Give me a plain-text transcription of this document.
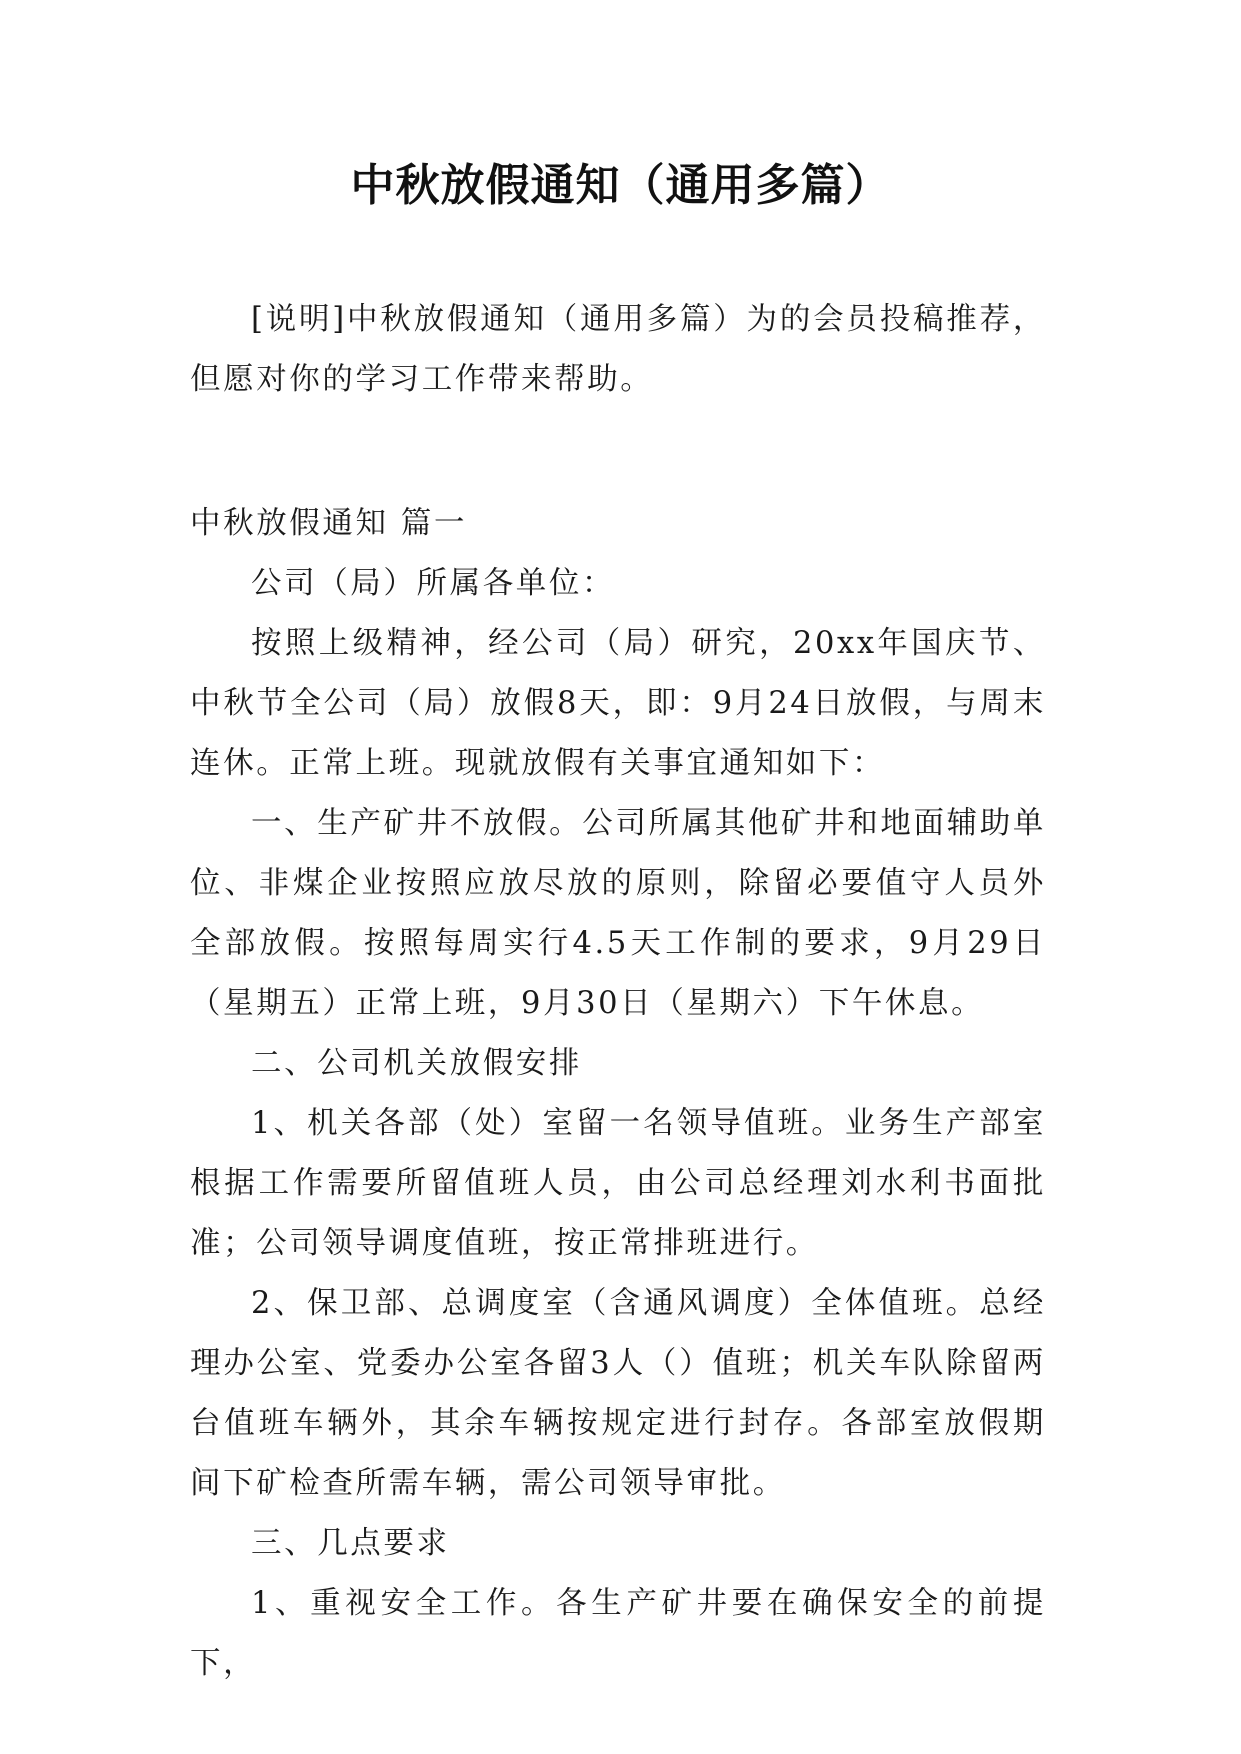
中秋放假通知（通用多篇）

[说明]中秋放假通知（通用多篇）为的会员投稿推荐，但愿对你的学习工作带来帮助。

中秋放假通知 篇一

公司（局）所属各单位：

按照上级精神，经公司（局）研究，20xx年国庆节、中秋节全公司（局）放假8天，即：9月24日放假，与周末连休。正常上班。现就放假有关事宜通知如下：

一、生产矿井不放假。公司所属其他矿井和地面辅助单位、非煤企业按照应放尽放的原则，除留必要值守人员外全部放假。按照每周实行4.5天工作制的要求，9月29日（星期五）正常上班，9月30日（星期六）下午休息。

二、公司机关放假安排

1、机关各部（处）室留一名领导值班。业务生产部室根据工作需要所留值班人员，由公司总经理刘水利书面批准；公司领导调度值班，按正常排班进行。

2、保卫部、总调度室（含通风调度）全体值班。总经理办公室、党委办公室各留3人（）值班；机关车队除留两台值班车辆外，其余车辆按规定进行封存。各部室放假期间下矿检查所需车辆，需公司领导审批。

三、几点要求

1、重视安全工作。各生产矿井要在确保安全的前提下，
